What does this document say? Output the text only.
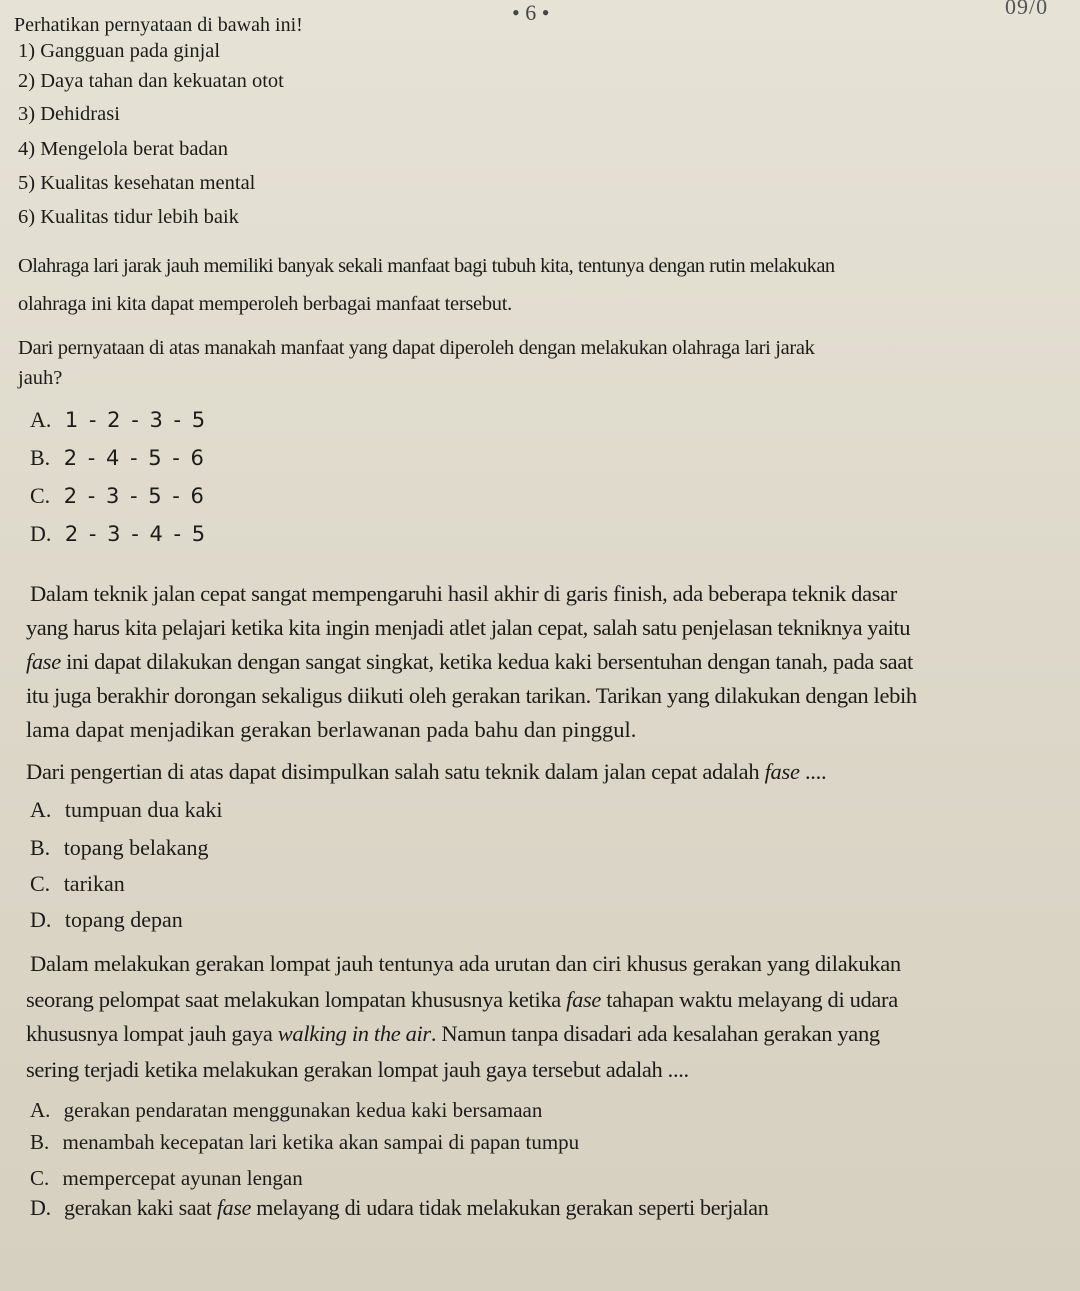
• 6 •	09/0
Perhatikan pernyataan di bawah ini!
1) Gangguan pada ginjal
2) Daya tahan dan kekuatan otot
3) Dehidrasi
4) Mengelola berat badan
5) Kualitas kesehatan mental
6) Kualitas tidur lebih baik
Olahraga lari jarak jauh memiliki banyak sekali manfaat bagi tubuh kita, tentunya dengan rutin melakukan
olahraga ini kita dapat memperoleh berbagai manfaat tersebut.
Dari pernyataan di atas manakah manfaat yang dapat diperoleh dengan melakukan olahraga lari jarak
jauh?
A. 1 - 2 - 3 - 5
B. 2 - 4 - 5 - 6
C. 2 - 3 - 5 - 6
D. 2 - 3 - 4 - 5
Dalam teknik jalan cepat sangat mempengaruhi hasil akhir di garis finish, ada beberapa teknik dasar
yang harus kita pelajari ketika kita ingin menjadi atlet jalan cepat, salah satu penjelasan tekniknya yaitu
fase ini dapat dilakukan dengan sangat singkat, ketika kedua kaki bersentuhan dengan tanah, pada saat
itu juga berakhir dorongan sekaligus diikuti oleh gerakan tarikan. Tarikan yang dilakukan dengan lebih
lama dapat menjadikan gerakan berlawanan pada bahu dan pinggul.
Dari pengertian di atas dapat disimpulkan salah satu teknik dalam jalan cepat adalah fase ....
A. tumpuan dua kaki
B. topang belakang
C. tarikan
D. topang depan
Dalam melakukan gerakan lompat jauh tentunya ada urutan dan ciri khusus gerakan yang dilakukan
seorang pelompat saat melakukan lompatan khususnya ketika fase tahapan waktu melayang di udara
khususnya lompat jauh gaya walking in the air. Namun tanpa disadari ada kesalahan gerakan yang
sering terjadi ketika melakukan gerakan lompat jauh gaya tersebut adalah ....
A. gerakan pendaratan menggunakan kedua kaki bersamaan
B. menambah kecepatan lari ketika akan sampai di papan tumpu
C. mempercepat ayunan lengan
D. gerakan kaki saat fase melayang di udara tidak melakukan gerakan seperti berjalan
